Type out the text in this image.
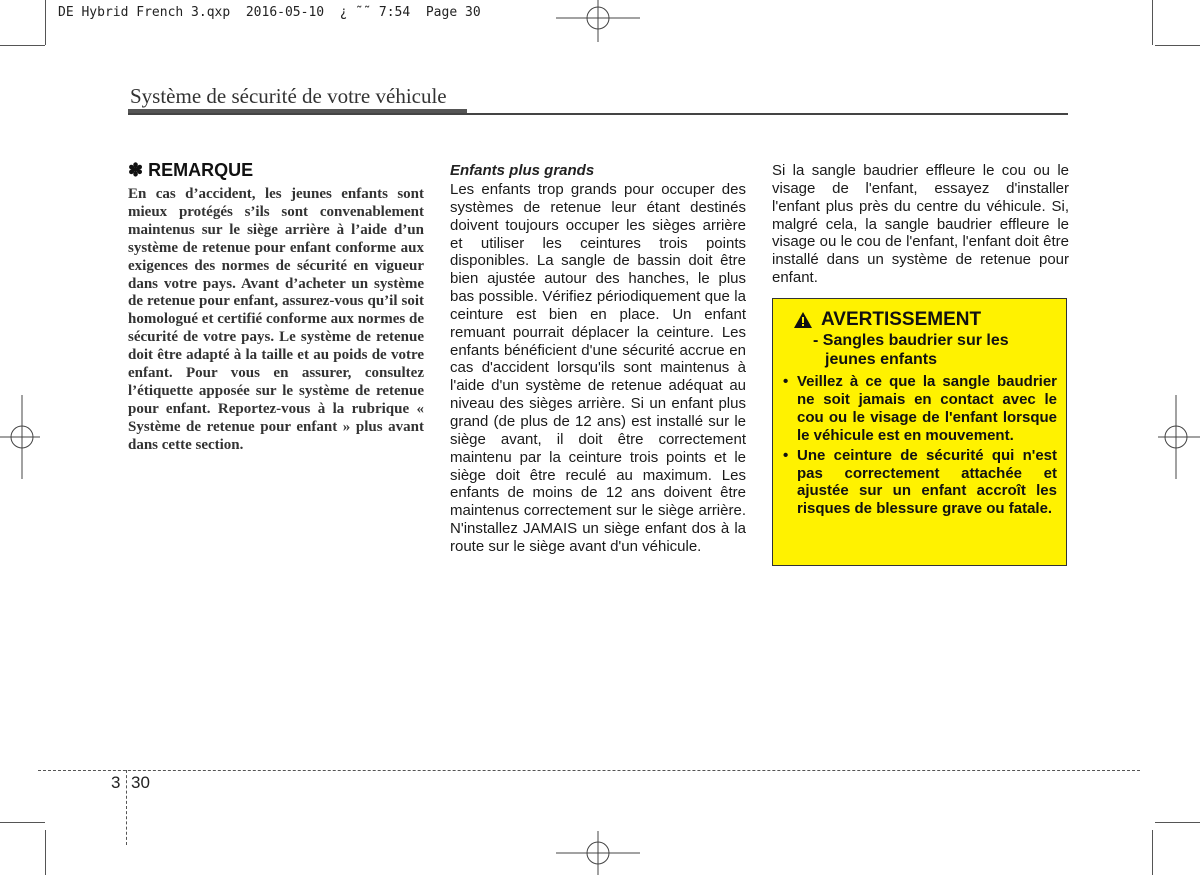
DE Hybrid French 3.qxp  2016-05-10  ¿ ˜˜ 7:54  Page 30
Système de sécurité de votre véhicule
✽ REMARQUE

En cas d’accident, les jeunes enfants sont mieux protégés s’ils sont convenablement maintenus sur le siège arrière à l’aide d’un système de retenue pour enfant conforme aux exigences des normes de sécurité en vigueur dans votre pays. Avant d’acheter un système de retenue pour enfant, assurez-vous qu’il soit homologué et certifié conforme aux normes de sécurité de votre pays. Le système de retenue doit être adapté à la taille et au poids de votre enfant. Pour vous en assurer, consultez l’étiquette apposée sur le système de retenue pour enfant. Reportez-vous à la rubrique « Système de retenue pour enfant » plus avant dans cette section.

Enfants plus grands

Les enfants trop grands pour occuper des systèmes de retenue leur étant destinés doivent toujours occuper les sièges arrière et utiliser les ceintures trois points disponibles. La sangle de bassin doit être bien ajustée autour des hanches, le plus bas possible. Vérifiez périodiquement que la ceinture est bien en place. Un enfant remuant pourrait déplacer la ceinture. Les enfants bénéficient d'une sécurité accrue en cas d'accident lorsqu'ils sont maintenus à l'aide d'un système de retenue adéquat au niveau des sièges arrière. Si un enfant plus grand (de plus de 12 ans) est installé sur le siège avant, il doit être correctement maintenu par la ceinture trois points et le siège doit être reculé au maximum. Les enfants de moins de 12 ans doivent être maintenus correctement sur le siège arrière. N'installez JAMAIS un siège enfant dos à la route sur le siège avant d'un véhicule.

Si la sangle baudrier effleure le cou ou le visage de l'enfant, essayez d'installer l'enfant plus près du centre du véhicule. Si, malgré cela, la sangle baudrier effleure le visage ou le cou de l'enfant, l'enfant doit être installé dans un système de retenue pour enfant.

AVERTISSEMENT
- Sangles baudrier sur les jeunes enfants
• Veillez à ce que la sangle baudrier ne soit jamais en contact avec le cou ou le visage de l'enfant lorsque le véhicule est en mouvement.
• Une ceinture de sécurité qui n'est pas correctement attachée et ajustée sur un enfant accroît les risques de blessure grave ou fatale.
3 30
